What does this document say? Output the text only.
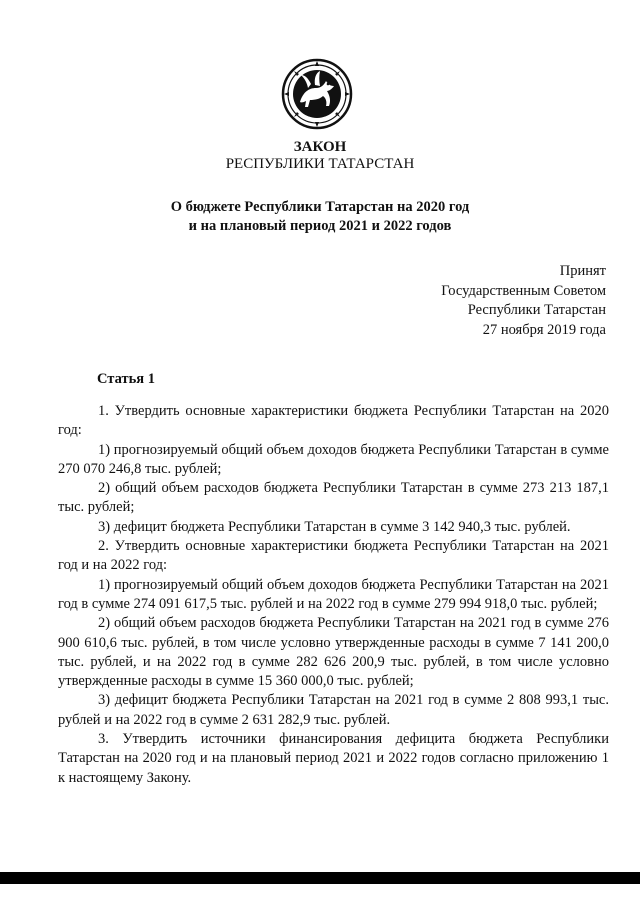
ЗАКОН
РЕСПУБЛИКИ ТАТАРСТАН
О бюджете Республики Татарстан на 2020 год
и на плановый период 2021 и 2022 годов
Принят
Государственным Советом
Республики Татарстан
27 ноября 2019 года
Статья 1

1. Утвердить основные характеристики бюджета Республики Татарстан на 2020 год:

1) прогнозируемый общий объем доходов бюджета Республики Татарстан в сумме 270 070 246,8 тыс. рублей;

2) общий объем расходов бюджета Республики Татарстан в сумме 273 213 187,1 тыс. рублей;

3) дефицит бюджета Республики Татарстан в сумме 3 142 940,3 тыс. рублей.

2. Утвердить основные характеристики бюджета Республики Татарстан на 2021 год и на 2022 год:

1) прогнозируемый общий объем доходов бюджета Республики Татарстан на 2021 год в сумме 274 091 617,5 тыс. рублей и на 2022 год в сумме 279 994 918,0 тыс. рублей;

2) общий объем расходов бюджета Республики Татарстан на 2021 год в сумме 276 900 610,6 тыс. рублей, в том числе условно утвержденные расходы в сумме 7 141 200,0 тыс. рублей, и на 2022 год в сумме 282 626 200,9 тыс. рублей, в том числе условно утвержденные расходы в сумме 15 360 000,0 тыс. рублей;

3) дефицит бюджета Республики Татарстан на 2021 год в сумме 2 808 993,1 тыс. рублей и на 2022 год в сумме 2 631 282,9 тыс. рублей.

3. Утвердить источники финансирования дефицита бюджета Республики Татарстан на 2020 год и на плановый период 2021 и 2022 годов согласно приложению 1 к настоящему Закону.
